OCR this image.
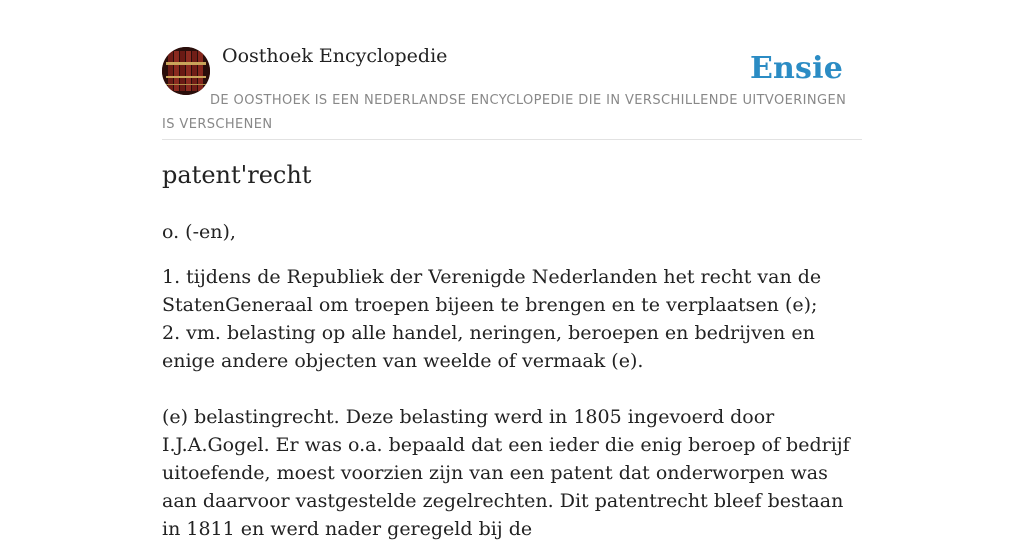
Oosthoek Encyclopedie	Ensie
DE OOSTHOEK IS EEN NEDERLANDSE ENCYCLOPEDIE DIE IN VERSCHILLENDE UITVOERINGEN IS VERSCHENEN
patent'recht

o. (-en),

1. tijdens de Republiek der Verenigde Nederlanden het recht van de StatenGeneraal om troepen bijeen te brengen en te verplaatsen (e);

2. vm. belasting op alle handel, neringen, beroepen en bedrijven en enige andere objecten van weelde of vermaak (e).

(e) belastingrecht. Deze belasting werd in 1805 ingevoerd door I.J.A.Gogel. Er was o.a. bepaald dat een ieder die enig beroep of bedrijf uitoefende, moest voorzien zijn van een patent dat onderworpen was aan daarvoor vastgestelde zegelrechten. Dit patentrecht bleef bestaan in 1811 en werd nader geregeld bij de
